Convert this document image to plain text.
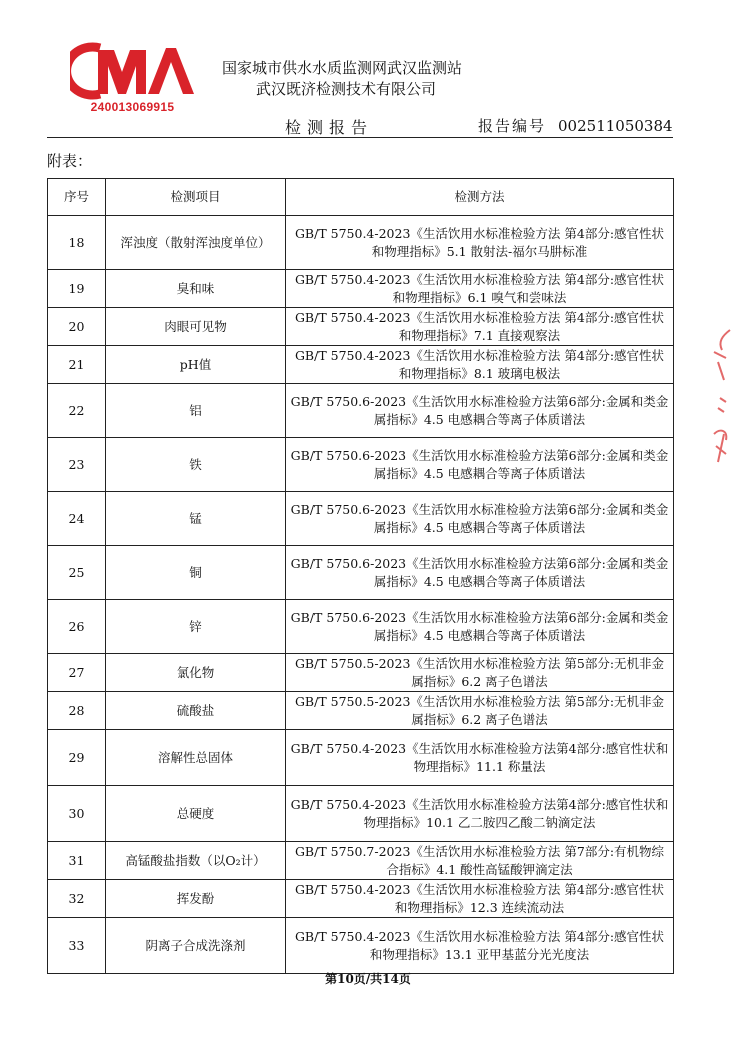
240013069915
国家城市供水水质监测网武汉监测站
武汉既济检测技术有限公司
检测报告	报告编号 002511050384
附表：
序号	检测项目	检测方法
18	浑浊度（散射浑浊度单位）	GB/T 5750.4-2023《生活饮用水标准检验方法 第4部分:感官性状和物理指标》5.1 散射法-福尔马肼标准
19	臭和味	GB/T 5750.4-2023《生活饮用水标准检验方法 第4部分:感官性状和物理指标》6.1 嗅气和尝味法
20	肉眼可见物	GB/T 5750.4-2023《生活饮用水标准检验方法 第4部分:感官性状和物理指标》7.1 直接观察法
21	pH值	GB/T 5750.4-2023《生活饮用水标准检验方法 第4部分:感官性状和物理指标》8.1 玻璃电极法
22	铝	GB/T 5750.6-2023《生活饮用水标准检验方法第6部分:金属和类金属指标》4.5 电感耦合等离子体质谱法
23	铁	GB/T 5750.6-2023《生活饮用水标准检验方法第6部分:金属和类金属指标》4.5 电感耦合等离子体质谱法
24	锰	GB/T 5750.6-2023《生活饮用水标准检验方法第6部分:金属和类金属指标》4.5 电感耦合等离子体质谱法
25	铜	GB/T 5750.6-2023《生活饮用水标准检验方法第6部分:金属和类金属指标》4.5 电感耦合等离子体质谱法
26	锌	GB/T 5750.6-2023《生活饮用水标准检验方法第6部分:金属和类金属指标》4.5 电感耦合等离子体质谱法
27	氯化物	GB/T 5750.5-2023《生活饮用水标准检验方法 第5部分:无机非金属指标》6.2 离子色谱法
28	硫酸盐	GB/T 5750.5-2023《生活饮用水标准检验方法 第5部分:无机非金属指标》6.2 离子色谱法
29	溶解性总固体	GB/T 5750.4-2023《生活饮用水标准检验方法第4部分:感官性状和物理指标》11.1 称量法
30	总硬度	GB/T 5750.4-2023《生活饮用水标准检验方法第4部分:感官性状和物理指标》10.1 乙二胺四乙酸二钠滴定法
31	高锰酸盐指数（以O₂计）	GB/T 5750.7-2023《生活饮用水标准检验方法 第7部分:有机物综合指标》4.1 酸性高锰酸钾滴定法
32	挥发酚	GB/T 5750.4-2023《生活饮用水标准检验方法 第4部分:感官性状和物理指标》12.3 连续流动法
33	阴离子合成洗涤剂	GB/T 5750.4-2023《生活饮用水标准检验方法 第4部分:感官性状和物理指标》13.1 亚甲基蓝分光光度法
第10页/共14页
